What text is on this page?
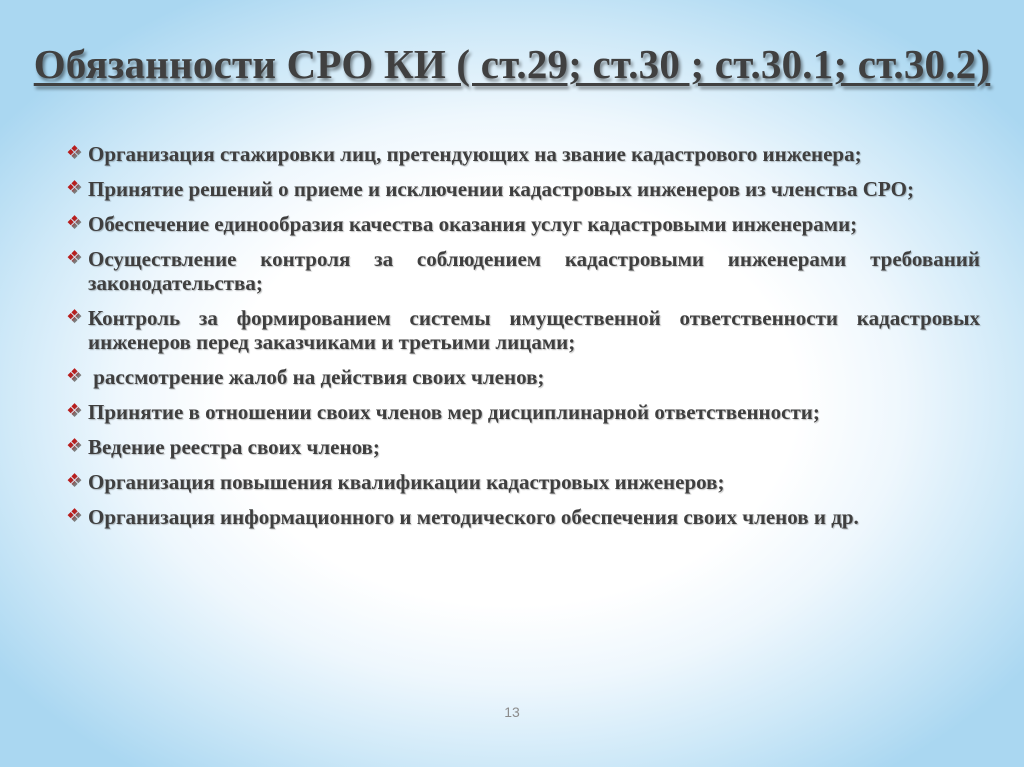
Обязанности СРО КИ ( ст.29; ст.30 ; ст.30.1; ст.30.2)
❖ Организация стажировки лиц, претендующих на звание кадастрового инженера;
❖ Принятие решений о приеме и исключении кадастровых инженеров из членства СРО;
❖ Обеспечение единообразия качества оказания услуг кадастровыми инженерами;
❖ Осуществление контроля за соблюдением кадастровыми инженерами требований законодательства;
❖ Контроль за формированием системы имущественной ответственности кадастровых инженеров перед заказчиками и третьими лицами;
❖ рассмотрение жалоб на действия своих членов;
❖ Принятие в отношении своих членов мер дисциплинарной ответственности;
❖ Ведение реестра своих членов;
❖ Организация повышения квалификации кадастровых инженеров;
❖ Организация информационного и методического обеспечения своих членов и др.
13
